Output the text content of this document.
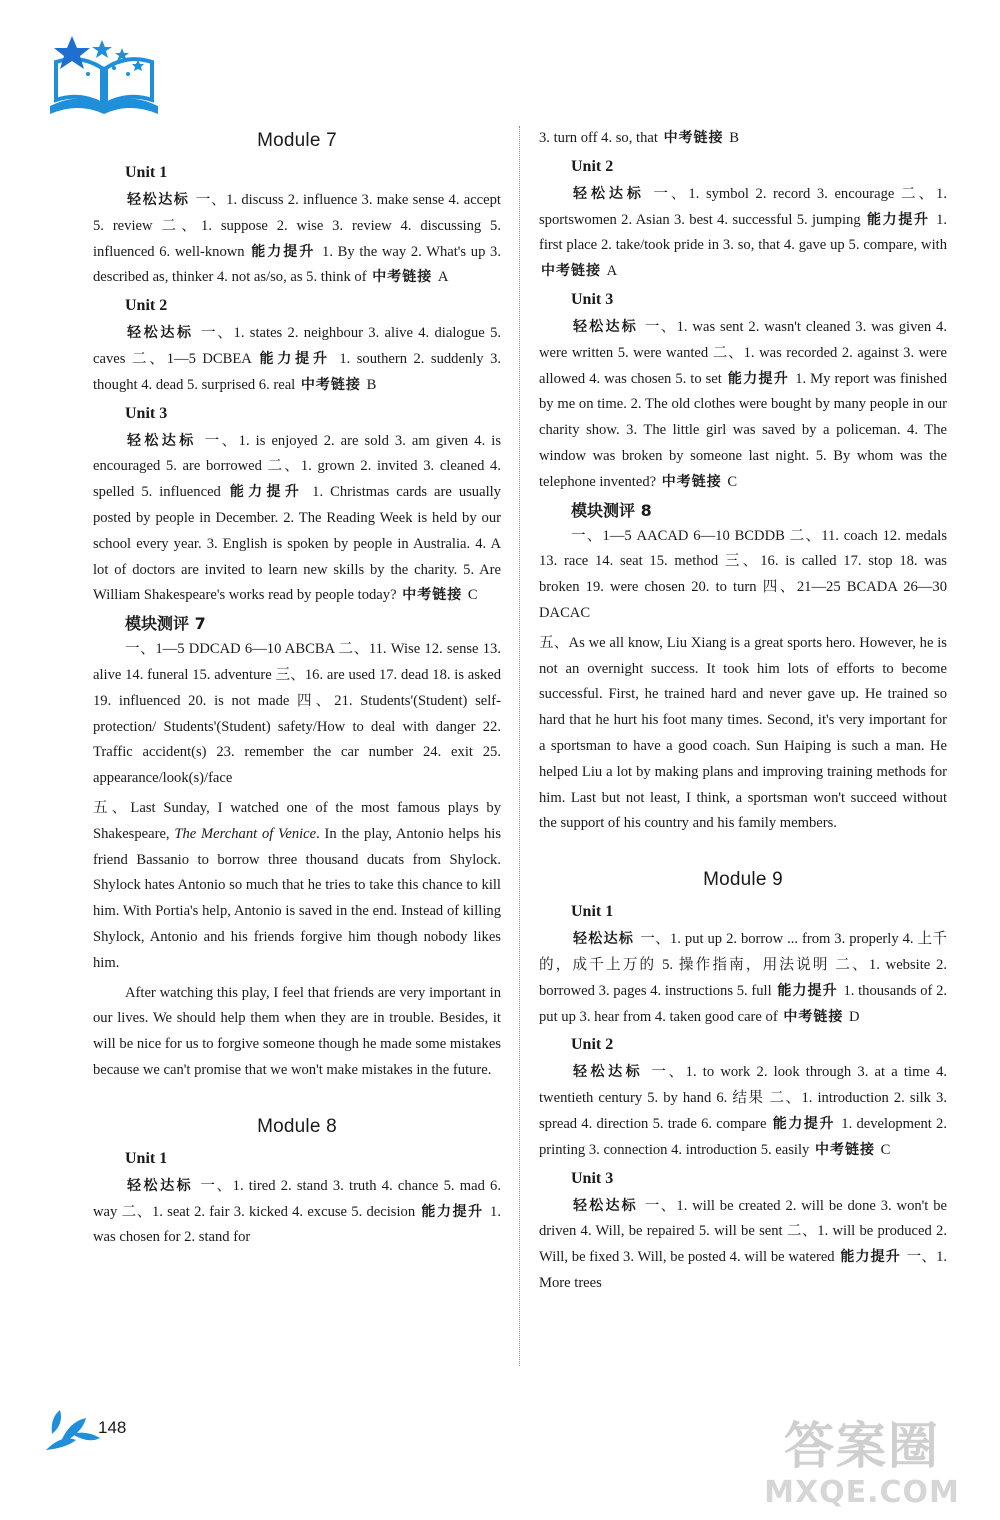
Module 7
Unit 1

轻松达标 一、1. discuss 2. influence 3. make sense 4. accept 5. review 二、1. suppose 2. wise 3. review 4. discussing 5. influenced 6. well-known 能力提升 1. By the way 2. What's up 3. described as, thinker 4. not as/so, as 5. think of 中考链接 A

Unit 2

轻松达标 一、1. states 2. neighbour 3. alive 4. dialogue 5. caves 二、1—5 DCBEA 能力提升 1. southern 2. suddenly 3. thought 4. dead 5. surprised 6. real 中考链接 B

Unit 3

轻松达标 一、1. is enjoyed 2. are sold 3. am given 4. is encouraged 5. are borrowed 二、1. grown 2. invited 3. cleaned 4. spelled 5. influenced 能力提升 1. Christmas cards are usually posted by people in December. 2. The Reading Week is held by our school every year. 3. English is spoken by people in Australia. 4. A lot of doctors are invited to learn new skills by the charity. 5. Are William Shakespeare's works read by people today? 中考链接 C

模块测评 7

一、1—5 DDCAD 6—10 ABCBA 二、11. Wise 12. sense 13. alive 14. funeral 15. adventure 三、16. are used 17. dead 18. is asked 19. influenced 20. is not made 四、21. Students'(Student) self-protection/ Students'(Student) safety/How to deal with danger 22. Traffic accident(s) 23. remember the car number 24. exit 25. appearance/look(s)/face

五、Last Sunday, I watched one of the most famous plays by Shakespeare, The Merchant of Venice. In the play, Antonio helps his friend Bassanio to borrow three thousand ducats from Shylock. Shylock hates Antonio so much that he tries to take this chance to kill him. With Portia's help, Antonio is saved in the end. Instead of killing Shylock, Antonio and his friends forgive him though nobody likes him.

After watching this play, I feel that friends are very important in our lives. We should help them when they are in trouble. Besides, it will be nice for us to forgive someone though he made some mistakes because we can't promise that we won't make mistakes in the future.

Module 8
Unit 1

轻松达标 一、1. tired 2. stand 3. truth 4. chance 5. mad 6. way 二、1. seat 2. fair 3. kicked 4. excuse 5. decision 能力提升 1. was chosen for 2. stand for

3. turn off 4. so, that 中考链接 B

Unit 2

轻松达标 一、1. symbol 2. record 3. encourage 二、1. sportswomen 2. Asian 3. best 4. successful 5. jumping 能力提升 1. first place 2. take/took pride in 3. so, that 4. gave up 5. compare, with 中考链接 A

Unit 3

轻松达标 一、1. was sent 2. wasn't cleaned 3. was given 4. were written 5. were wanted 二、1. was recorded 2. against 3. were allowed 4. was chosen 5. to set 能力提升 1. My report was finished by me on time. 2. The old clothes were bought by many people in our charity show. 3. The little girl was saved by a policeman. 4. The window was broken by someone last night. 5. By whom was the telephone invented? 中考链接 C

模块测评 8

一、1—5 AACAD 6—10 BCDDB 二、11. coach 12. medals 13. race 14. seat 15. method 三、16. is called 17. stop 18. was broken 19. were chosen 20. to turn 四、21—25 BCADA 26—30 DACAC

五、As we all know, Liu Xiang is a great sports hero. However, he is not an overnight success. It took him lots of efforts to become successful. First, he trained hard and never gave up. He trained so hard that he hurt his foot many times. Second, it's very important for a sportsman to have a good coach. Sun Haiping is such a man. He helped Liu a lot by making plans and improving training methods for him. Last but not least, I think, a sportsman won't succeed without the support of his country and his family members.

Module 9
Unit 1

轻松达标 一、1. put up 2. borrow ... from 3. properly 4. 上千的，成千上万的 5. 操作指南，用法说明 二、1. website 2. borrowed 3. pages 4. instructions 5. full 能力提升 1. thousands of 2. put up 3. hear from 4. taken good care of 中考链接 D

Unit 2

轻松达标 一、1. to work 2. look through 3. at a time 4. twentieth century 5. by hand 6. 结果 二、1. introduction 2. silk 3. spread 4. direction 5. trade 6. compare 能力提升 1. development 2. printing 3. connection 4. introduction 5. easily 中考链接 C

Unit 3

轻松达标 一、1. will be created 2. will be done 3. won't be driven 4. Will, be repaired 5. will be sent 二、1. will be produced 2. Will, be fixed 3. Will, be posted 4. will be watered 能力提升 一、1. More trees

148	答案圈
MXQE.COM
